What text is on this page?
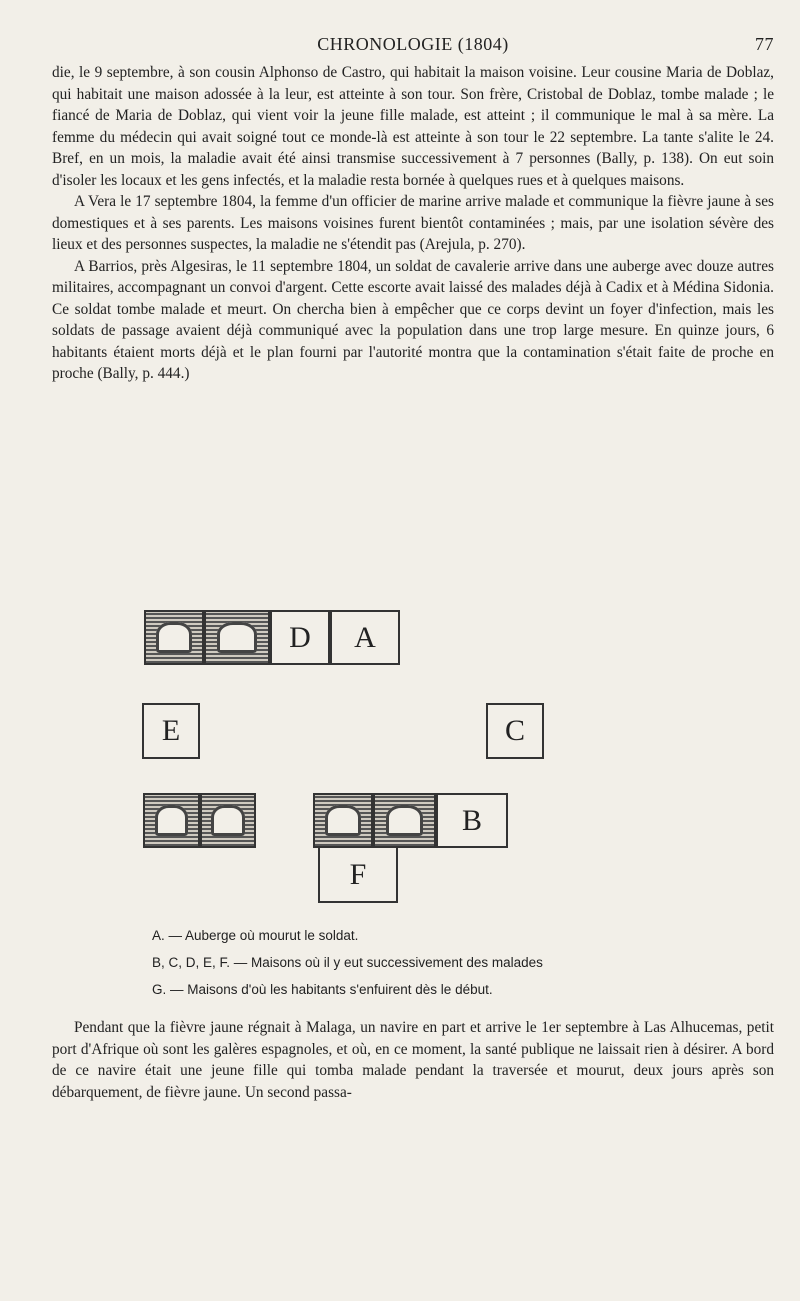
CHRONOLOGIE (1804)	77

die, le 9 septembre, à son cousin Alphonso de Castro, qui habitait la maison voisine. Leur cousine Maria de Doblaz, qui habitait une maison adossée à la leur, est atteinte à son tour. Son frère, Cristobal de Doblaz, tombe malade ; le fiancé de Maria de Doblaz, qui vient voir la jeune fille malade, est atteint ; il communique le mal à sa mère. La femme du médecin qui avait soigné tout ce monde-là est atteinte à son tour le 22 septembre. La tante s'alite le 24. Bref, en un mois, la maladie avait été ainsi transmise successivement à 7 personnes (Bally, p. 138). On eut soin d'isoler les locaux et les gens infectés, et la maladie resta bornée à quelques rues et à quelques maisons.

A Vera le 17 septembre 1804, la femme d'un officier de marine arrive malade et communique la fièvre jaune à ses domestiques et à ses parents. Les maisons voisines furent bientôt contaminées ; mais, par une isolation sévère des lieux et des personnes suspectes, la maladie ne s'étendit pas (Arejula, p. 270).

A Barrios, près Algesiras, le 11 septembre 1804, un soldat de cavalerie arrive dans une auberge avec douze autres militaires, accompagnant un convoi d'argent. Cette escorte avait laissé des malades déjà à Cadix et à Médina Sidonia. Ce soldat tombe malade et meurt. On chercha bien à empêcher que ce corps devint un foyer d'infection, mais les soldats de passage avaient déjà communiqué avec la population dans une trop large mesure. En quinze jours, 6 habitants étaient morts déjà et le plan fourni par l'autorité montra que la contamination s'était faite de proche en proche (Bally, p. 444.)

D A
E	C
B
F

A. — Auberge où mourut le soldat.

B, C, D, E, F. — Maisons où il y eut successivement des malades

G. — Maisons d'où les habitants s'enfuirent dès le début.

Pendant que la fièvre jaune régnait à Malaga, un navire en part et arrive le 1er septembre à Las Alhucemas, petit port d'Afrique où sont les galères espagnoles, et où, en ce moment, la santé publique ne laissait rien à désirer. A bord de ce navire était une jeune fille qui tomba malade pendant la traversée et mourut, deux jours après son débarquement, de fièvre jaune. Un second passa-
